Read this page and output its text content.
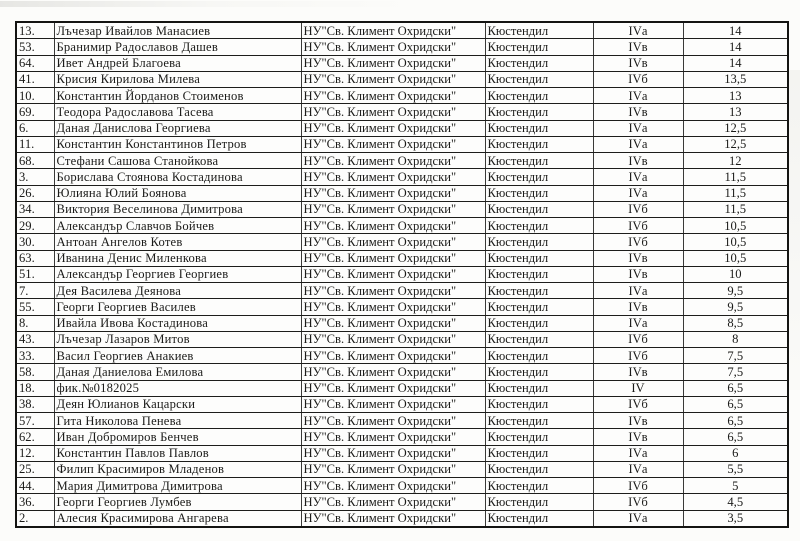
13.	Лъчезар Ивайлов Манасиев	НУ"Св. Климент Охридски"	Кюстендил	IVа	14
53.	Бранимир Радославов Дашев	НУ"Св. Климент Охридски"	Кюстендил	IVв	14
64.	Ивет Андрей Благоева	НУ"Св. Климент Охридски"	Кюстендил	IVв	14
41.	Крисия Кирилова Милева	НУ"Св. Климент Охридски"	Кюстендил	IVб	13,5
10.	Константин Йорданов Стоименов	НУ"Св. Климент Охридски"	Кюстендил	IVа	13
69.	Теодора Радославова Тасева	НУ"Св. Климент Охридски"	Кюстендил	IVв	13
6.	Даная Данислова Георгиева	НУ"Св. Климент Охридски"	Кюстендил	IVа	12,5
11.	Константин Константинов Петров	НУ"Св. Климент Охридски"	Кюстендил	IVа	12,5
68.	Стефани Сашова Станойкова	НУ"Св. Климент Охридски"	Кюстендил	IVв	12
3.	Борислава Стоянова Костадинова	НУ"Св. Климент Охридски"	Кюстендил	IVа	11,5
26.	Юлияна Юлий Боянова	НУ"Св. Климент Охридски"	Кюстендил	IVа	11,5
34.	Виктория Веселинова Димитрова	НУ"Св. Климент Охридски"	Кюстендил	IVб	11,5
29.	Александър Славчов Бойчев	НУ"Св. Климент Охридски"	Кюстендил	IVб	10,5
30.	Антоан Ангелов Котев	НУ"Св. Климент Охридски"	Кюстендил	IVб	10,5
63.	Иванина Денис Миленкова	НУ"Св. Климент Охридски"	Кюстендил	IVв	10,5
51.	Александър Георгиев Георгиев	НУ"Св. Климент Охридски"	Кюстендил	IVв	10
7.	Дея Василева Деянова	НУ"Св. Климент Охридски"	Кюстендил	IVа	9,5
55.	Георги Георгиев Василев	НУ"Св. Климент Охридски"	Кюстендил	IVв	9,5
8.	Ивайла Ивова Костадинова	НУ"Св. Климент Охридски"	Кюстендил	IVа	8,5
43.	Лъчезар Лазаров Митов	НУ"Св. Климент Охридски"	Кюстендил	IVб	8
33.	Васил Георгиев Анакиев	НУ"Св. Климент Охридски"	Кюстендил	IVб	7,5
58.	Даная Даниелова Емилова	НУ"Св. Климент Охридски"	Кюстендил	IVв	7,5
18.	фик.№0182025	НУ"Св. Климент Охридски"	Кюстендил	IV	6,5
38.	Деян Юлианов Кацарски	НУ"Св. Климент Охридски"	Кюстендил	IVб	6,5
57.	Гита Николова Пенева	НУ"Св. Климент Охридски"	Кюстендил	IVв	6,5
62.	Иван Добромиров Бенчев	НУ"Св. Климент Охридски"	Кюстендил	IVв	6,5
12.	Константин Павлов Павлов	НУ"Св. Климент Охридски"	Кюстендил	IVа	6
25.	Филип Красимиров Младенов	НУ"Св. Климент Охридски"	Кюстендил	IVа	5,5
44.	Мария Димитрова Димитрова	НУ"Св. Климент Охридски"	Кюстендил	IVб	5
36.	Георги Георгиев Лумбев	НУ"Св. Климент Охридски"	Кюстендил	IVб	4,5
2.	Алесия Красимирова Ангарева	НУ"Св. Климент Охридски"	Кюстендил	IVа	3,5
